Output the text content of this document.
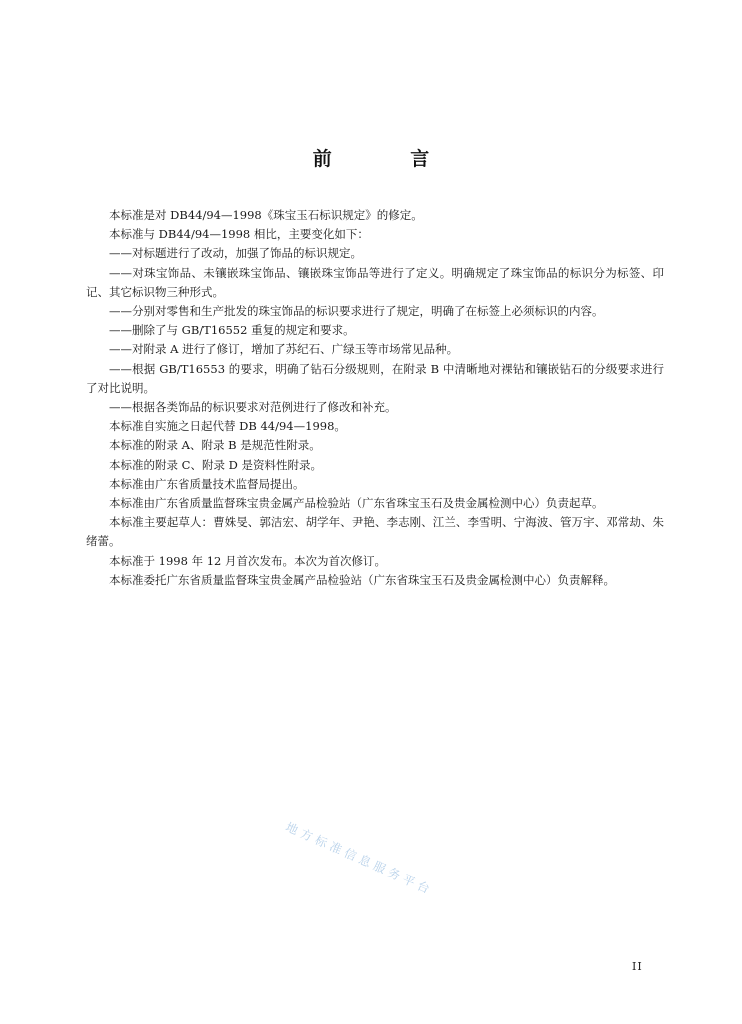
前 言

本标准是对 DB44/94—1998《珠宝玉石标识规定》的修定。

本标准与 DB44/94—1998 相比，主要变化如下：

——对标题进行了改动，加强了饰品的标识规定。

——对珠宝饰品、未镶嵌珠宝饰品、镶嵌珠宝饰品等进行了定义。明确规定了珠宝饰品的标识分为标签、印记、其它标识物三种形式。

——分别对零售和生产批发的珠宝饰品的标识要求进行了规定，明确了在标签上必须标识的内容。

——删除了与 GB/T16552 重复的规定和要求。

——对附录 A 进行了修订，增加了苏纪石、广绿玉等市场常见品种。

——根据 GB/T16553 的要求，明确了钻石分级规则，在附录 B 中清晰地对裸钻和镶嵌钻石的分级要求进行了对比说明。

——根据各类饰品的标识要求对范例进行了修改和补充。

本标准自实施之日起代替 DB 44/94—1998。

本标准的附录 A、附录 B 是规范性附录。

本标准的附录 C、附录 D 是资料性附录。

本标准由广东省质量技术监督局提出。

本标准由广东省质量监督珠宝贵金属产品检验站（广东省珠宝玉石及贵金属检测中心）负责起草。

本标准主要起草人：曹姝旻、郭洁宏、胡学年、尹艳、李志刚、江兰、李雪明、宁海波、管万宇、邓常劫、朱绪蕾。

本标准于 1998 年 12 月首次发布。本次为首次修订。

本标准委托广东省质量监督珠宝贵金属产品检验站（广东省珠宝玉石及贵金属检测中心）负责解释。

地方标准信息服务平台
II
